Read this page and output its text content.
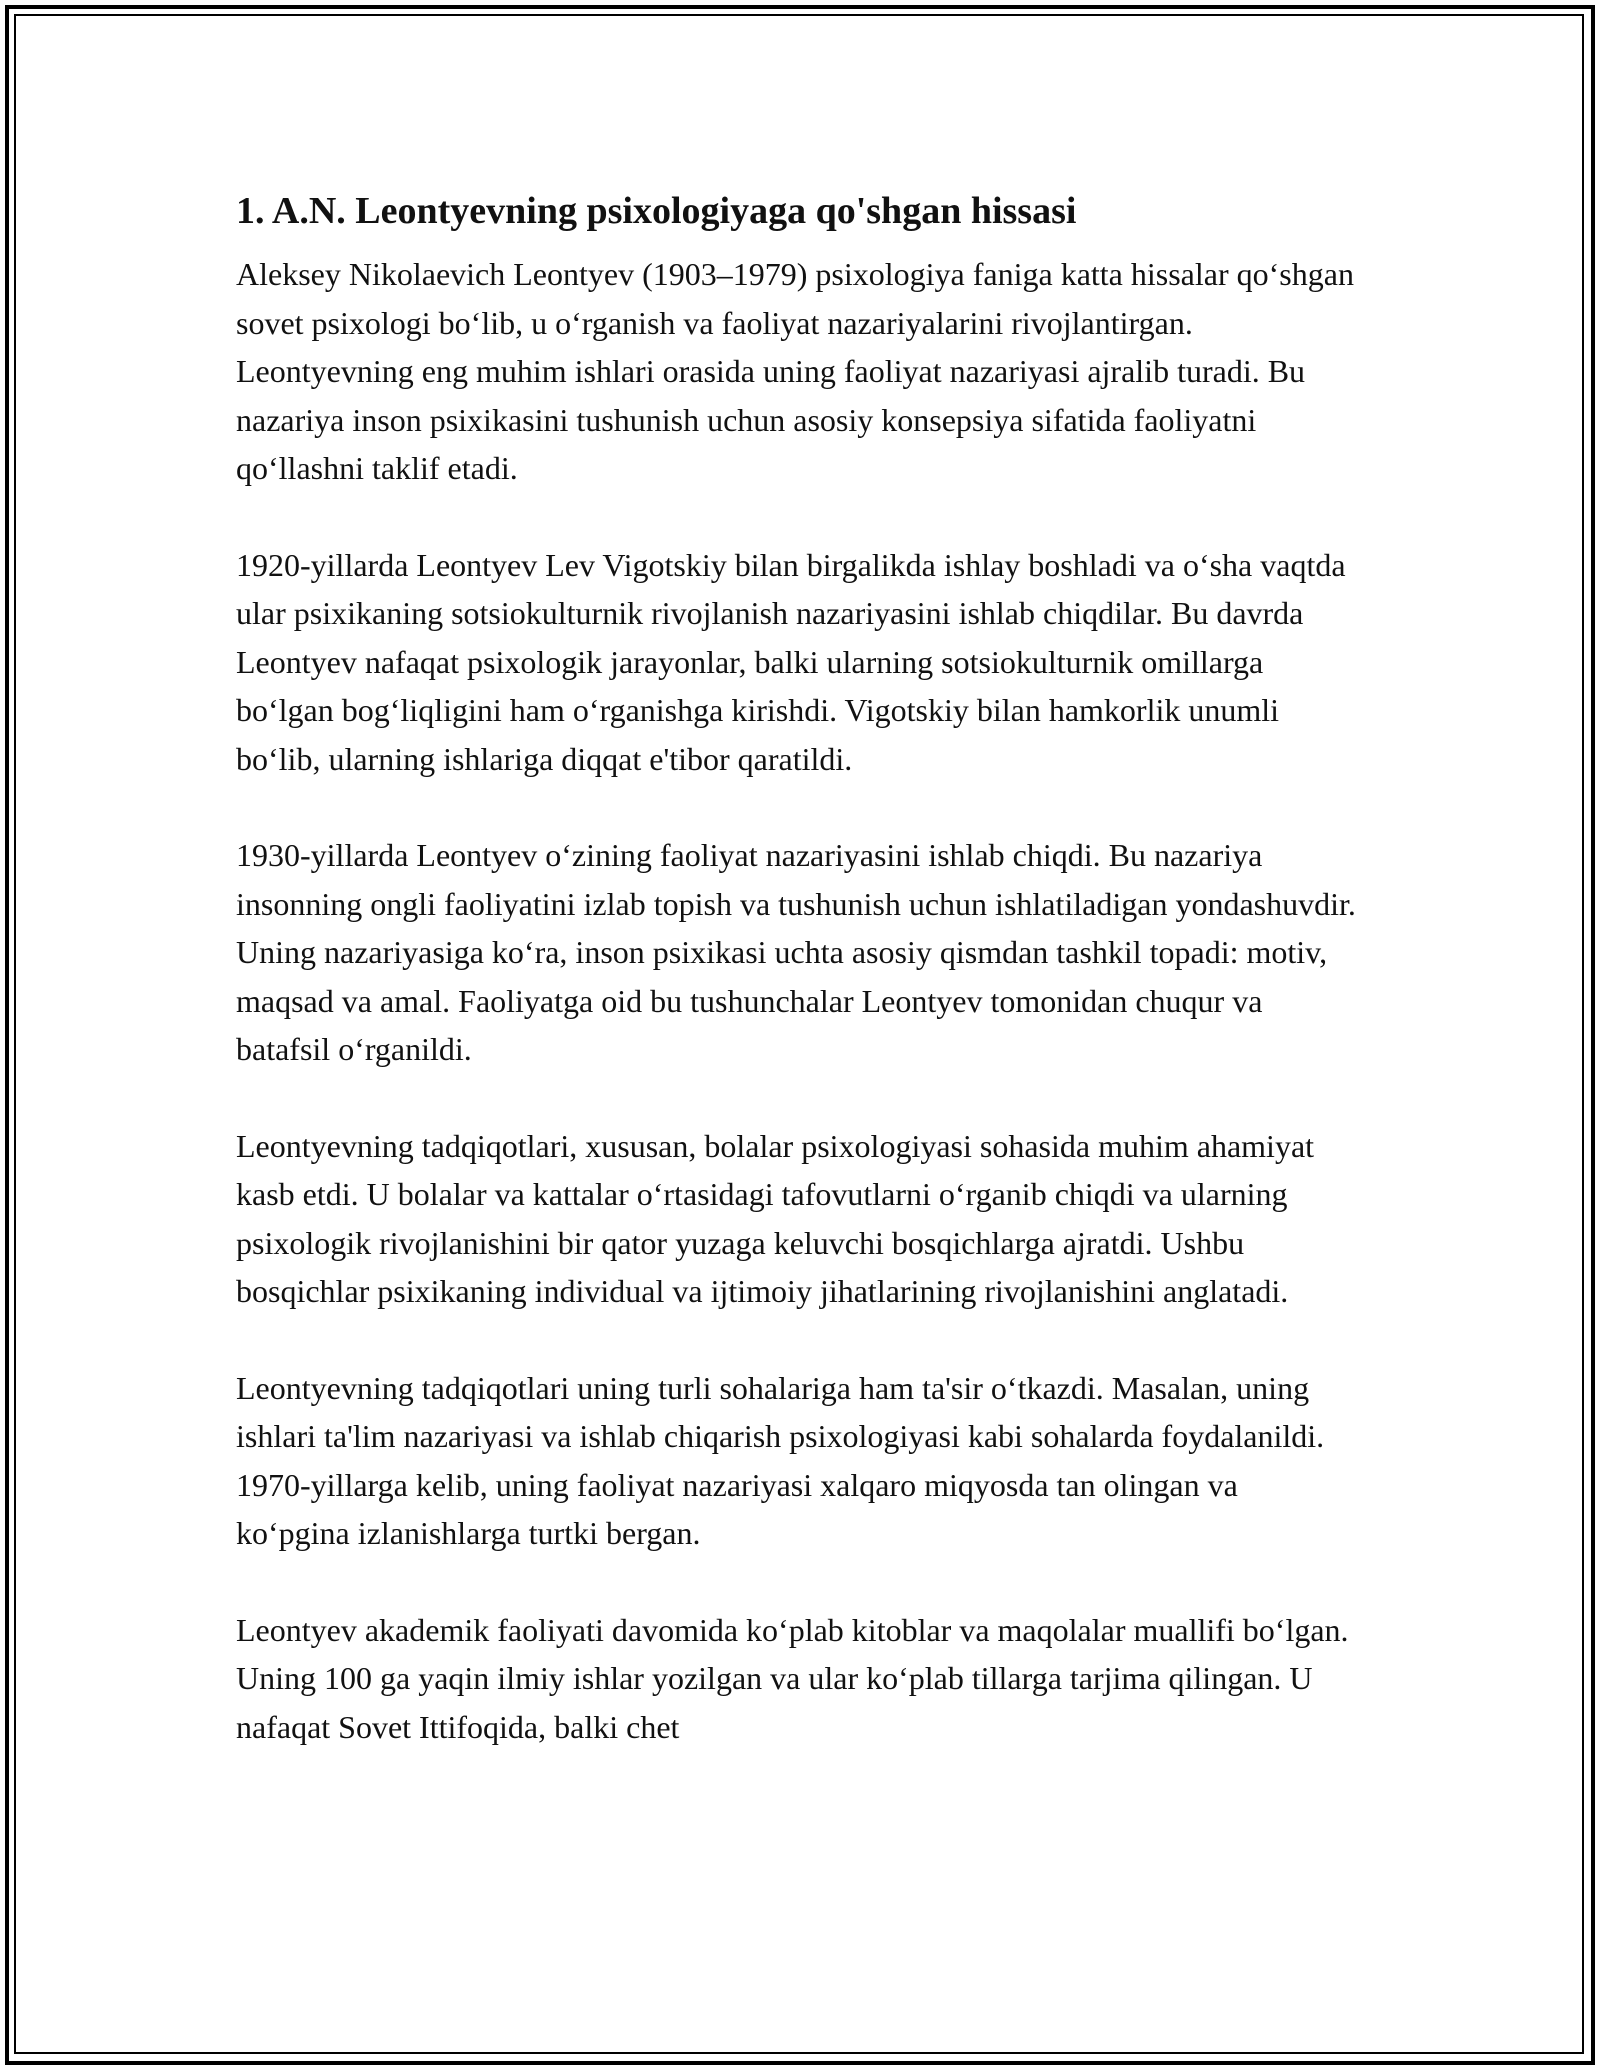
1. A.N. Leontyevning psixologiyaga qo'shgan hissasi

Aleksey Nikolaevich Leontyev (1903–1979) psixologiya faniga katta hissalar qo‘shgan sovet psixologi bo‘lib, u o‘rganish va faoliyat nazariyalarini rivojlantirgan. Leontyevning eng muhim ishlari orasida uning faoliyat nazariyasi ajralib turadi. Bu nazariya inson psixikasini tushunish uchun asosiy konsepsiya sifatida faoliyatni qo‘llashni taklif etadi.

1920-yillarda Leontyev Lev Vigotskiy bilan birgalikda ishlay boshladi va o‘sha vaqtda ular psixikaning sotsiokulturnik rivojlanish nazariyasini ishlab chiqdilar. Bu davrda Leontyev nafaqat psixologik jarayonlar, balki ularning sotsiokulturnik omillarga bo‘lgan bog‘liqligini ham o‘rganishga kirishdi. Vigotskiy bilan hamkorlik unumli bo‘lib, ularning ishlariga diqqat e'tibor qaratildi.

1930-yillarda Leontyev o‘zining faoliyat nazariyasini ishlab chiqdi. Bu nazariya insonning ongli faoliyatini izlab topish va tushunish uchun ishlatiladigan yondashuvdir. Uning nazariyasiga ko‘ra, inson psixikasi uchta asosiy qismdan tashkil topadi: motiv, maqsad va amal. Faoliyatga oid bu tushunchalar Leontyev tomonidan chuqur va batafsil o‘rganildi.

Leontyevning tadqiqotlari, xususan, bolalar psixologiyasi sohasida muhim ahamiyat kasb etdi. U bolalar va kattalar o‘rtasidagi tafovutlarni o‘rganib chiqdi va ularning psixologik rivojlanishini bir qator yuzaga keluvchi bosqichlarga ajratdi. Ushbu bosqichlar psixikaning individual va ijtimoiy jihatlarining rivojlanishini anglatadi.

Leontyevning tadqiqotlari uning turli sohalariga ham ta'sir o‘tkazdi. Masalan, uning ishlari ta'lim nazariyasi va ishlab chiqarish psixologiyasi kabi sohalarda foydalanildi. 1970-yillarga kelib, uning faoliyat nazariyasi xalqaro miqyosda tan olingan va ko‘pgina izlanishlarga turtki bergan.

Leontyev akademik faoliyati davomida ko‘plab kitoblar va maqolalar muallifi bo‘lgan. Uning 100 ga yaqin ilmiy ishlar yozilgan va ular ko‘plab tillarga tarjima qilingan. U nafaqat Sovet Ittifoqida, balki chet
